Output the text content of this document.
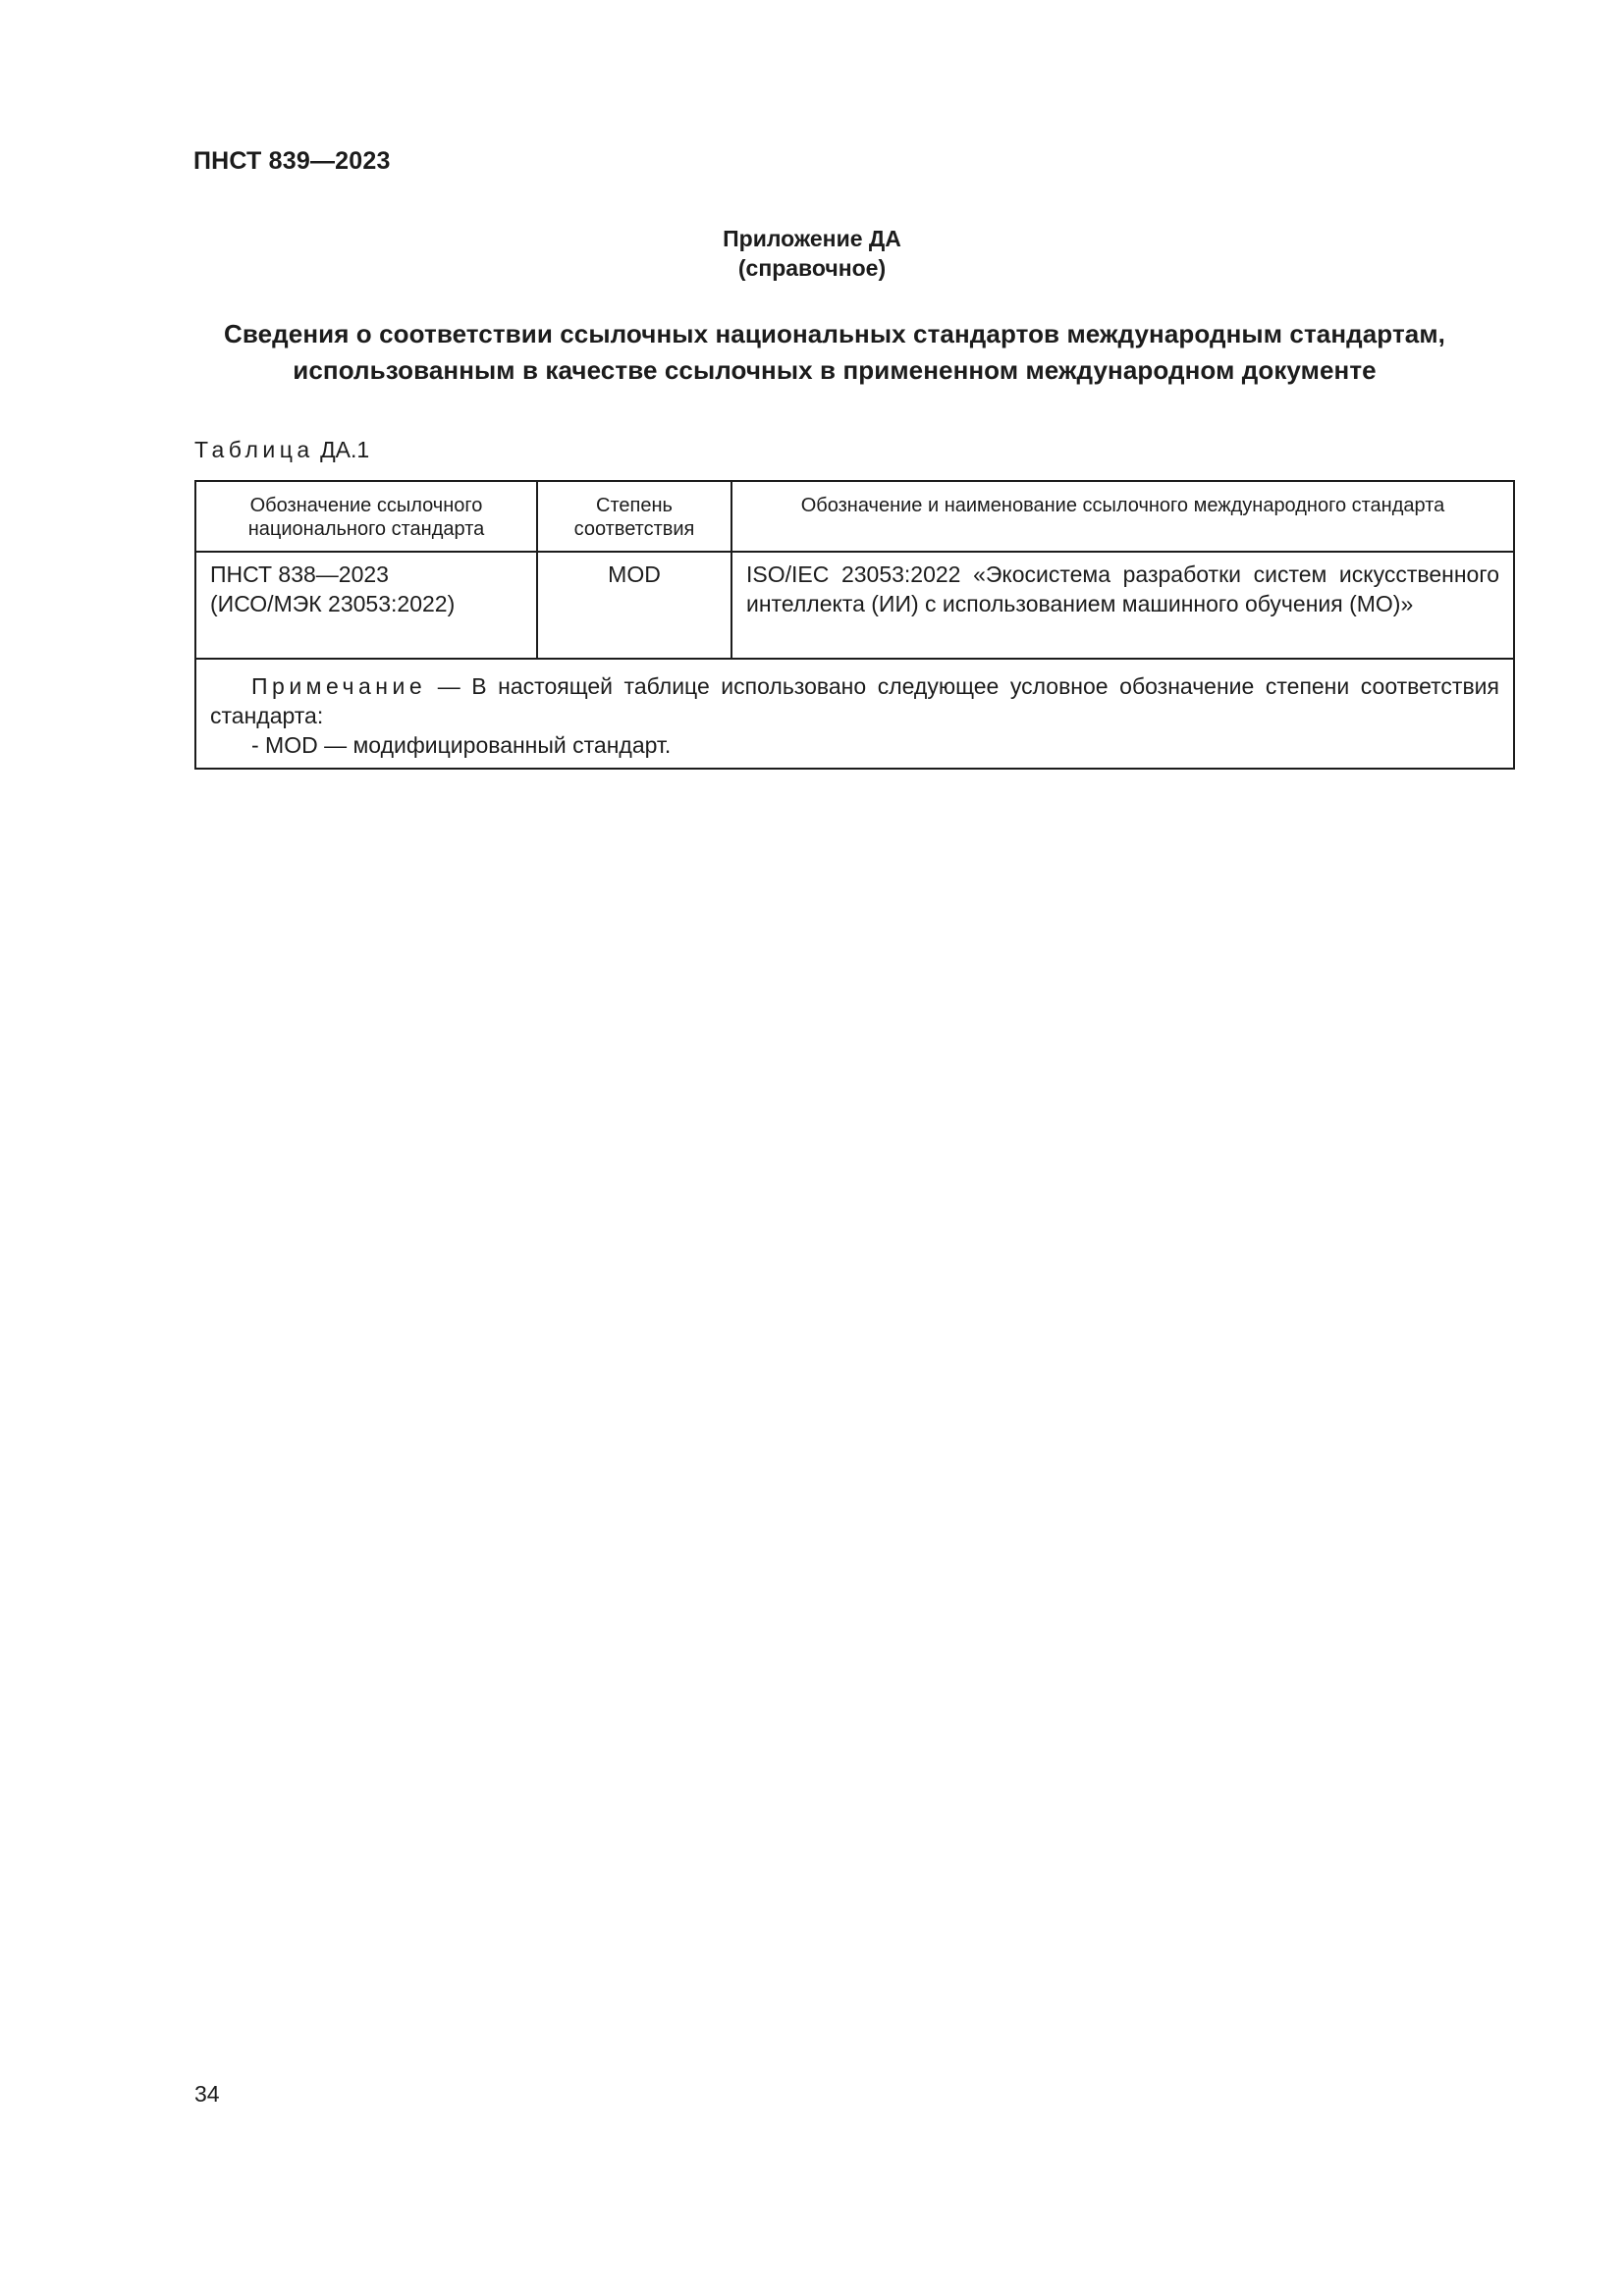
ПНСТ 839—2023
Приложение ДА
(справочное)
Сведения о соответствии ссылочных национальных стандартов международным стандартам,
использованным в качестве ссылочных в примененном международном документе
Таблица ДА.1
Обозначение ссылочного национального стандарта	Степень соответствия	Обозначение и наименование ссылочного международного стандарта

ПНСТ 838—2023
(ИСО/МЭК 23053:2022)	MOD	ISO/IEC 23053:2022 «Экосистема разработки систем искусственного интеллекта (ИИ) с использованием машинного обучения (МО)»

Примечание — В настоящей таблице использовано следующее условное обозначение степени соответствия стандарта:
- MOD — модифицированный стандарт.		
34
